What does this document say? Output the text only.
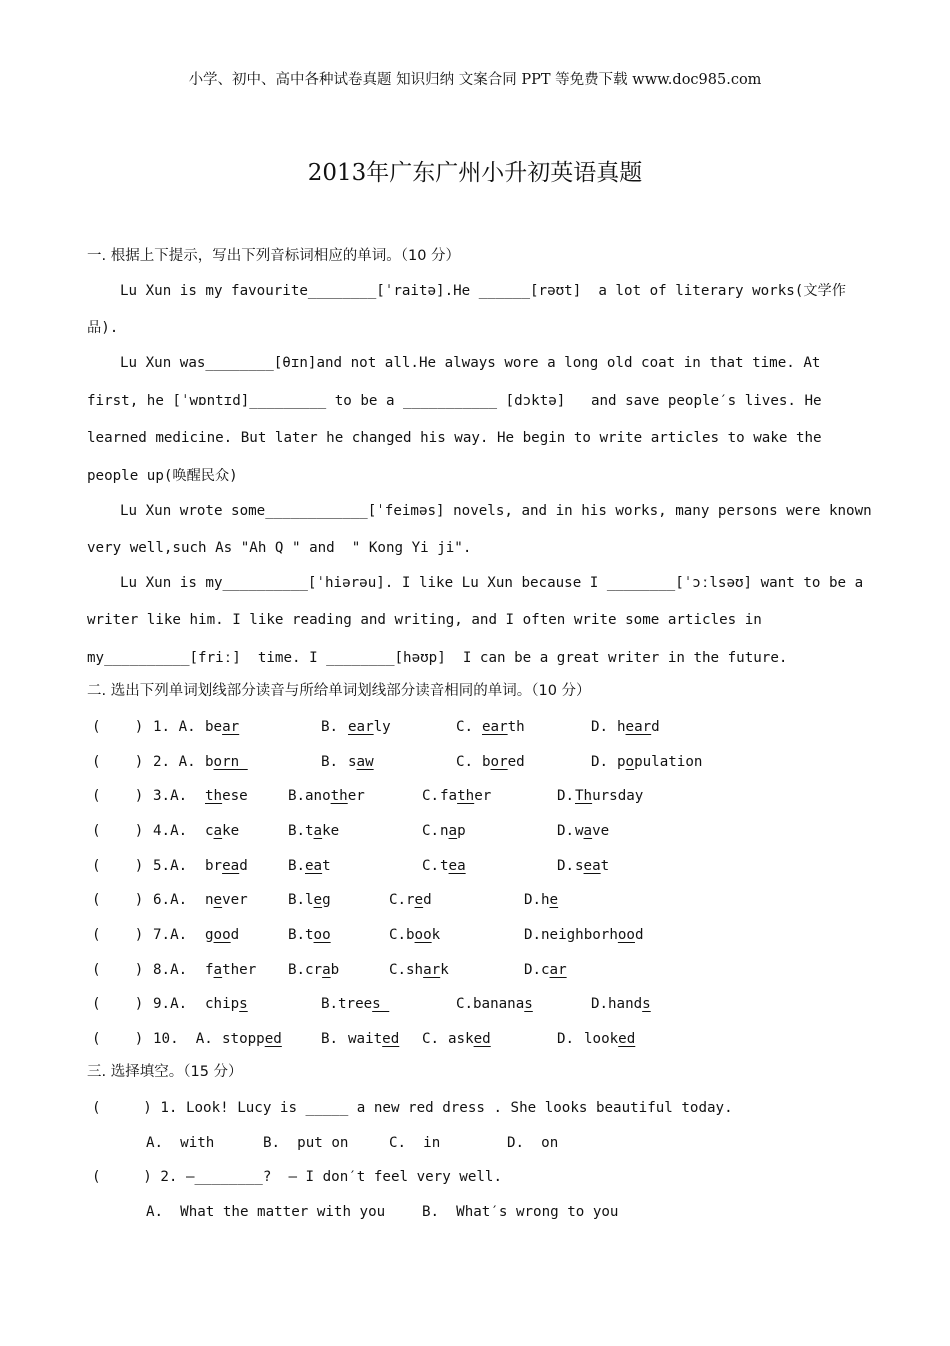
小学、初中、高中各种试卷真题 知识归纳 文案合同 PPT 等免费下载 www.doc985.com
2013年广东广州小升初英语真题
一. 根据上下提示，写出下列音标词相应的单词。（10 分）
Lu Xun is my favourite________[ˈraitə].He ______[rəʊt]  a lot of literary works(文学作
品).
Lu Xun was________[θɪn]and not all.He always wore a long old coat in that time. At
first, he [ˈwɒntɪd]_________ to be a ___________ [dɔktə]   and save people′s lives. He
learned medicine. But later he changed his way. He begin to write articles to wake the
people up(唤醒民众)
Lu Xun wrote some____________[ˈfeiməs] novels, and in his works, many persons were known
very well,such As "Ah Q " and  " Kong Yi ji".
Lu Xun is my__________[ˈhiərəu]. I like Lu Xun because I ________[ˈɔːlsəʊ] want to be a
writer like him. I like reading and writing, and I often write some articles in
my__________[friː]  time. I ________[həʊp]  I can be a great writer in the future.
二. 选出下列单词划线部分读音与所给单词划线部分读音相同的单词。（10 分）
(    ) 1. A. bear	B. early	C. earth	D. heard
(    ) 2. A. born	B. saw	C. bored	D. population
(    ) 3.A. these	B. another	C. father	D. Thursday
(    ) 4.A. cake	B. take	C. nap	D. wave
(    ) 5.A. bread	B. eat	C. tea	D. seat
(    ) 6.A. never	B. leg	C. red	D. he
(    ) 7.A. good	B. too	C. book	D. neighborhood
(    ) 8.A. father B. crab	C. shark	D. car
(    ) 9.A. chips	B. trees	C. bananas	D. hands
(    ) 10.  A. stopped	B. waited C. asked	D. looked
三. 选择填空。（15 分）
(     ) 1. Look! Lucy is _____ a new red dress . She looks beautiful today.
A.  with	B.  put on	C.  in	D.  on
(     ) 2. —________?  — I don′t feel very well.
A.  What the matter with you	B.  What′s wrong to you
